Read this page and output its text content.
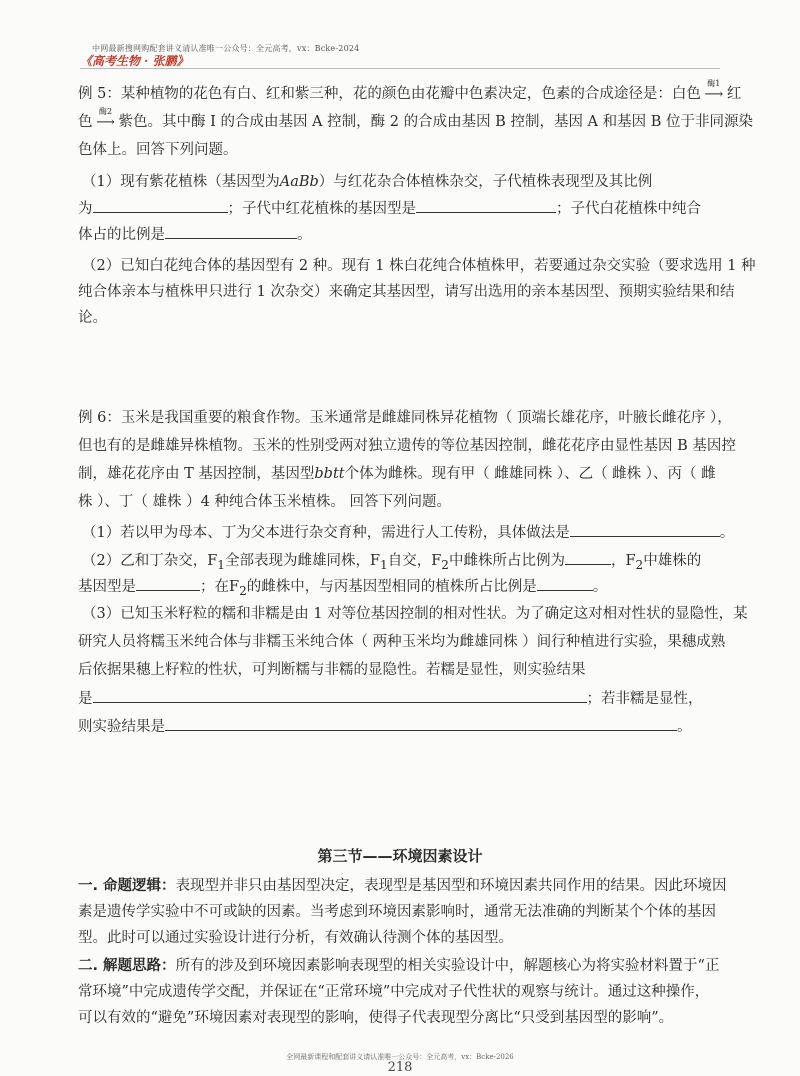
中网最新搜网购配套讲义请认准唯一公众号：全元高考，vx：Bcke-2024
《高考生物 · 张鹏》
例 5：某种植物的花色有白、红和紫三种，花的颜色由花瓣中色素决定，色素的合成途径是：白色
酶1
⟶ 红
色
酶2
⟶ 紫色。其中酶 I 的合成由基因 A 控制，酶 2 的合成由基因 B 控制，基因 A 和基因 B 位于非同源染
色体上。回答下列问题。
（1）现有紫花植株（基因型为AaBb）与红花杂合体植株杂交，子代植株表现型及其比例
为	；子代中红花植株的基因型是	；子代白花植株中纯合
体占的比例是	。
（2）已知白花纯合体的基因型有 2 种。现有 1 株白花纯合体植株甲，若要通过杂交实验（要求选用 1 种
纯合体亲本与植株甲只进行 1 次杂交）来确定其基因型，请写出选用的亲本基因型、预期实验结果和结
论。
例 6：玉米是我国重要的粮食作物。玉米通常是雌雄同株异花植物（ 顶端长雄花序，叶腋长雌花序 ），
但也有的是雌雄异株植物。玉米的性别受两对独立遗传的等位基因控制，雌花花序由显性基因 B 基因控
制，雄花花序由 T 基因控制，基因型bbtt个体为雌株。现有甲（ 雌雄同株 ）、乙（ 雌株 ）、丙（ 雌
株 ）、丁（ 雄株 ）4 种纯合体玉米植株。 回答下列问题。
（1）若以甲为母本、丁为父本进行杂交育种，需进行人工传粉，具体做法是	。
（2）乙和丁杂交，$F_1$全部表现为雌雄同株，$F_1$自交，$F_2$中雌株所占比例为	，$F_2$中雄株的
基因型是	；在$F_2$的雌株中，与丙基因型相同的植株所占比例是	。
（3）已知玉米籽粒的糯和非糯是由 1 对等位基因控制的相对性状。为了确定这对相对性状的显隐性，某
研究人员将糯玉米纯合体与非糯玉米纯合体（ 两种玉米均为雌雄同株 ）间行种植进行实验，果穗成熟
后依据果穗上籽粒的性状，可判断糯与非糯的显隐性。若糯是显性，则实验结果
是	；若非糯是显性，
则实验结果是	。
第三节——环境因素设计
一. 命题逻辑：表现型并非只由基因型决定，表现型是基因型和环境因素共同作用的结果。因此环境因
素是遗传学实验中不可或缺的因素。当考虑到环境因素影响时，通常无法准确的判断某个个体的基因
型。此时可以通过实验设计进行分析，有效确认待测个体的基因型。
二. 解题思路：所有的涉及到环境因素影响表现型的相关实验设计中，解题核心为将实验材料置于“正
常环境”中完成遗传学交配，并保证在“正常环境”中完成对子代性状的观察与统计。通过这种操作，
可以有效的“避免”环境因素对表现型的影响，使得子代表现型分离比“只受到基因型的影响”。
全网最新课程和配套讲义请认准唯一公众号：全元高考，vx：Bcke-2026
218
